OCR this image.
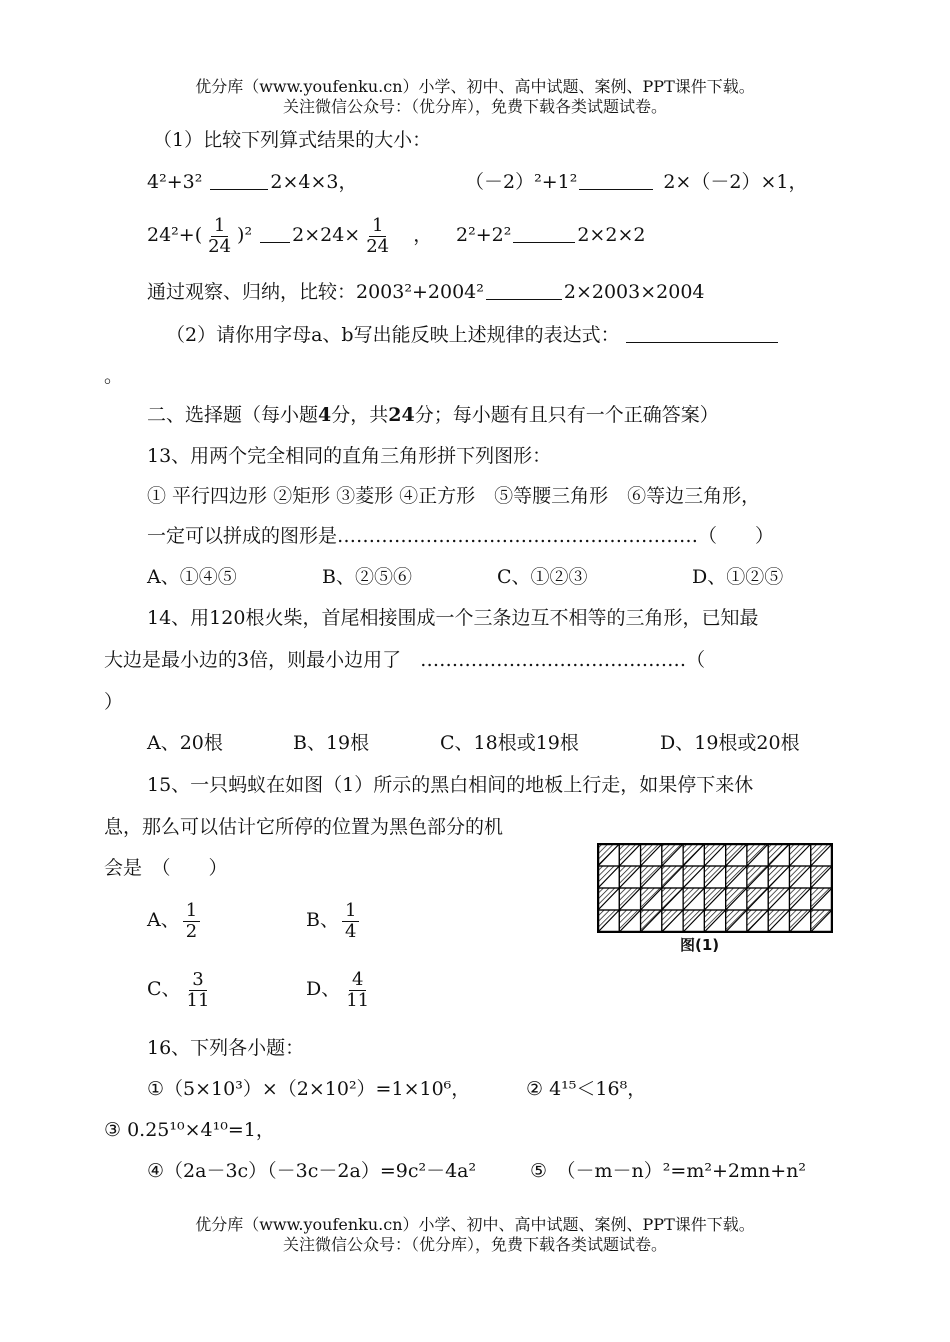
优分库（www.youfenku.cn）小学、初中、高中试题、案例、PPT课件下载。
关注微信公众号：（优分库），免费下载各类试题试卷。
（1）比较下列算式结果的大小：
4²+3²	2×4×3，	（－2）²+1²	2×（－2）×1，
$24^2+( \frac{1}{24} )^2$ $2\times 24\times \frac{1}{24}$ ， 2²+2²	2×2×2
通过观察、归纳，比较：2003²+2004²	2×2003×2004
（2）请你用字母a、b写出能反映上述规律的表达式：
。
二、选择题（每小题4分，共24分；每小题有且只有一个正确答案）
13、用两个完全相同的直角三角形拼下列图形：
① 平行四边形 ②矩形 ③菱形 ④正方形　⑤等腰三角形　⑥等边三角形，
一定可以拼成的图形是…………………………………………………（　　）
A、①④⑤	B、②⑤⑥	C、①②③	D、①②⑤
14、用120根火柴，首尾相接围成一个三条边互不相等的三角形，已知最
大边是最小边的3倍，则最小边用了　……………………………………（
）
A、20根	B、19根	C、18根或19根	D、19根或20根
15、一只蚂蚁在如图（1）所示的黑白相间的地板上行走，如果停下来休
息，那么可以估计它所停的位置为黑色部分的机
会是　（　　）
A、 $\frac{1}{2}$	B、 $\frac{1}{4}$
C、 $\frac{3}{11}$	D、 $\frac{4}{11}$
图(1)
16、下列各小题：
①（5×10³）×（2×10²）=1×10⁶，	② 4¹⁵＜16⁸，
③ 0.25¹⁰×4¹⁰=1，
④（2a－3c）（－3c－2a）=9c²－4a²	⑤　（－m－n）²=m²+2mn+n²
优分库（www.youfenku.cn）小学、初中、高中试题、案例、PPT课件下载。
关注微信公众号：（优分库），免费下载各类试题试卷。
